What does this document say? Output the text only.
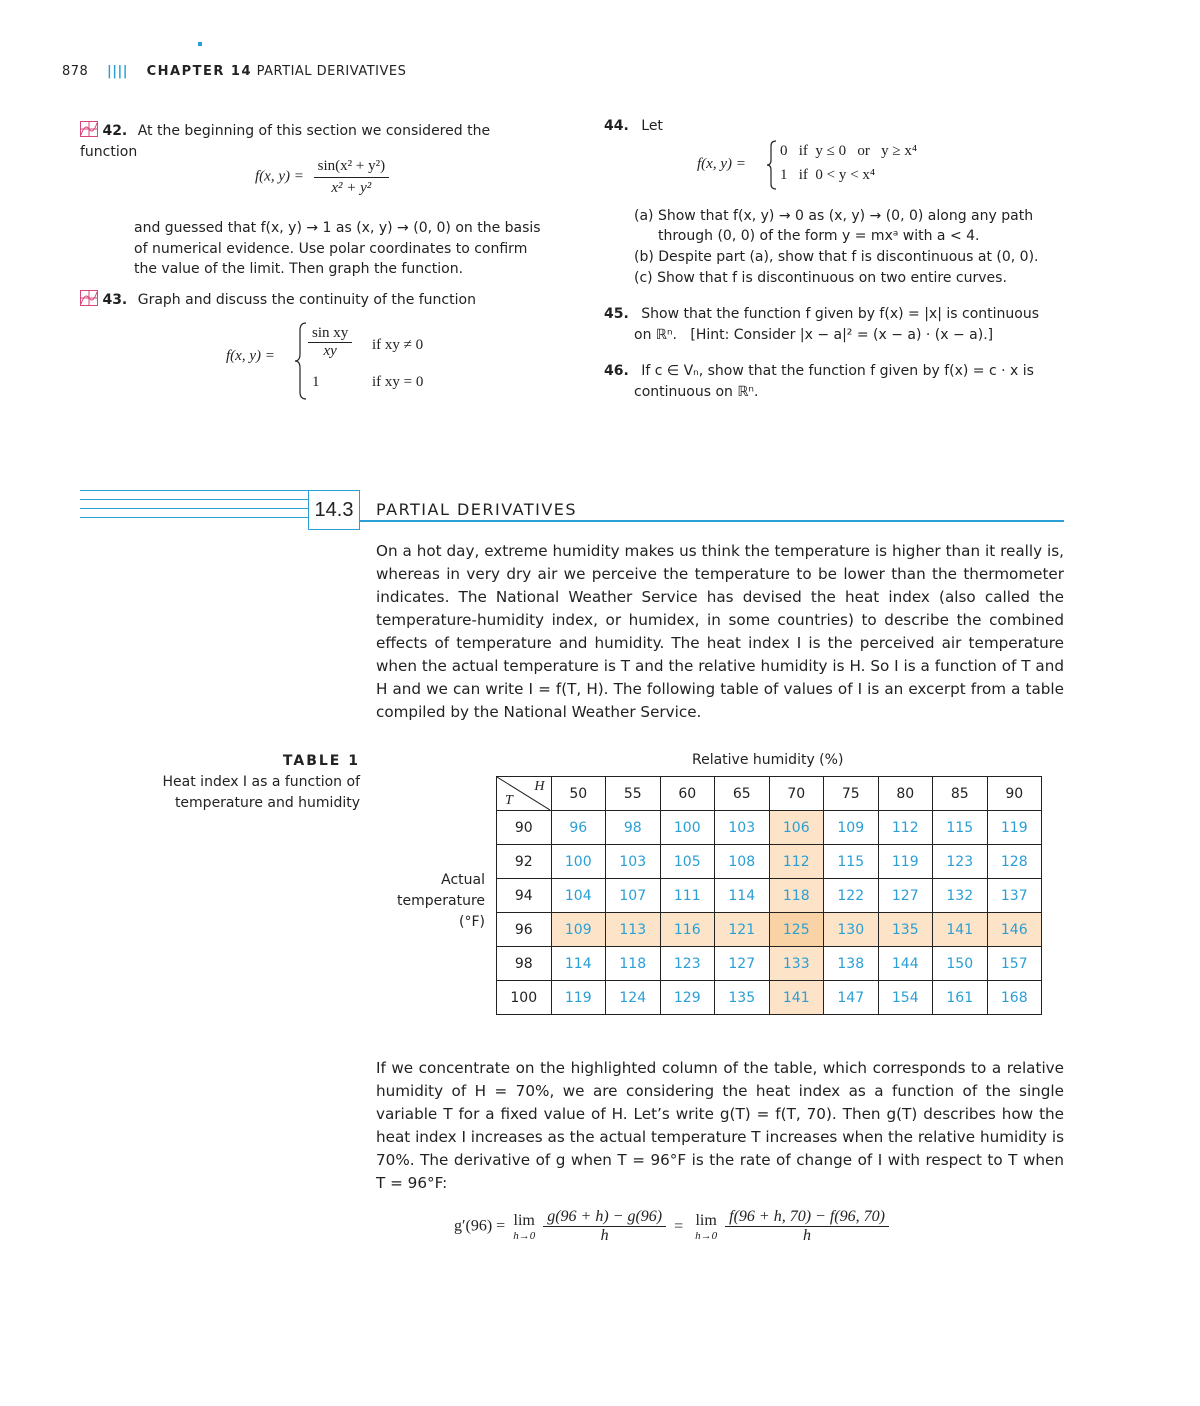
878 |||| CHAPTER 14 PARTIAL DERIVATIVES
42. At the beginning of this section we considered the function
f(x, $y) = \frac{\text{sin(x² + y²)}}{\text{x² + y²}}$
and guessed that f(x, y) → 1 as (x, y) → (0, 0) on the basis of numerical evidence. Use polar coordinates to confirm the value of the limit. Then graph the function.
43. Graph and discuss the continuity of the function
f(x, $y) = \frac{\text{sin xy}}{xy}$ if xy ≠ 0
1	if xy = 0
44. Let
f(x, y) =
0   if  y ≤ 0   or   y ≥ x⁴
1   if  0 < y < x⁴
(a) Show that f(x, y) → 0 as (x, y) → (0, 0) along any path
through (0, 0) of the form y = mxᵃ with a < 4.
(b) Despite part (a), show that f is discontinuous at (0, 0).
(c) Show that f is discontinuous on two entire curves.
45. Show that the function f given by f(x) = |x| is continuous
on ℝⁿ.   [Hint: Consider |x − a|² = (x − a) · (x − a).]
46. If c ∈ Vₙ, show that the function f given by f(x) = c · x is
continuous on ℝⁿ.
14.3	PARTIAL DERIVATIVES
On a hot day, extreme humidity makes us think the temperature is higher than it really is, whereas in very dry air we perceive the temperature to be lower than the thermometer indicates. The National Weather Service has devised the heat index (also called the temperature-humidity index, or humidex, in some countries) to describe the combined effects of temperature and humidity. The heat index I is the perceived air temperature when the actual temperature is T and the relative humidity is H. So I is a function of T and H and we can write I = f(T, H). The following table of values of I is an excerpt from a table compiled by the National Weather Service.
TABLE 1
Heat index I as a function of
temperature and humidity
Relative humidity (%)
Actual
temperature
(°F)
H
T	50	55	60	65	70	75	80	85	90
90	96	98	100	103	106	109	112	115	119
92	100	103	105	108	112	115	119	123	128
94	104	107	111	114	118	122	127	132	137
96	109	113	116	121	125	130	135	141	146
98	114	118	123	127	133	138	144	150	157
100	119	124	129	135	141	147	154	161	168
If we concentrate on the highlighted column of the table, which corresponds to a relative humidity of H = 70%, we are considering the heat index as a function of the single variable T for a fixed value of H. Let’s write g(T) = f(T, 70). Then g(T) describes how the heat index I increases as the actual temperature T increases when the relative humidity is 70%. The derivative of g when T = 96°F is the rate of change of I with respect to T when T = 96°F:
g′(96) = lim
h→0
$\frac{g(96 + h) - g(96)}{h} = \lim$
h→0
$\frac{f(96 + h, 70) - f(96, 70)}{h}$
